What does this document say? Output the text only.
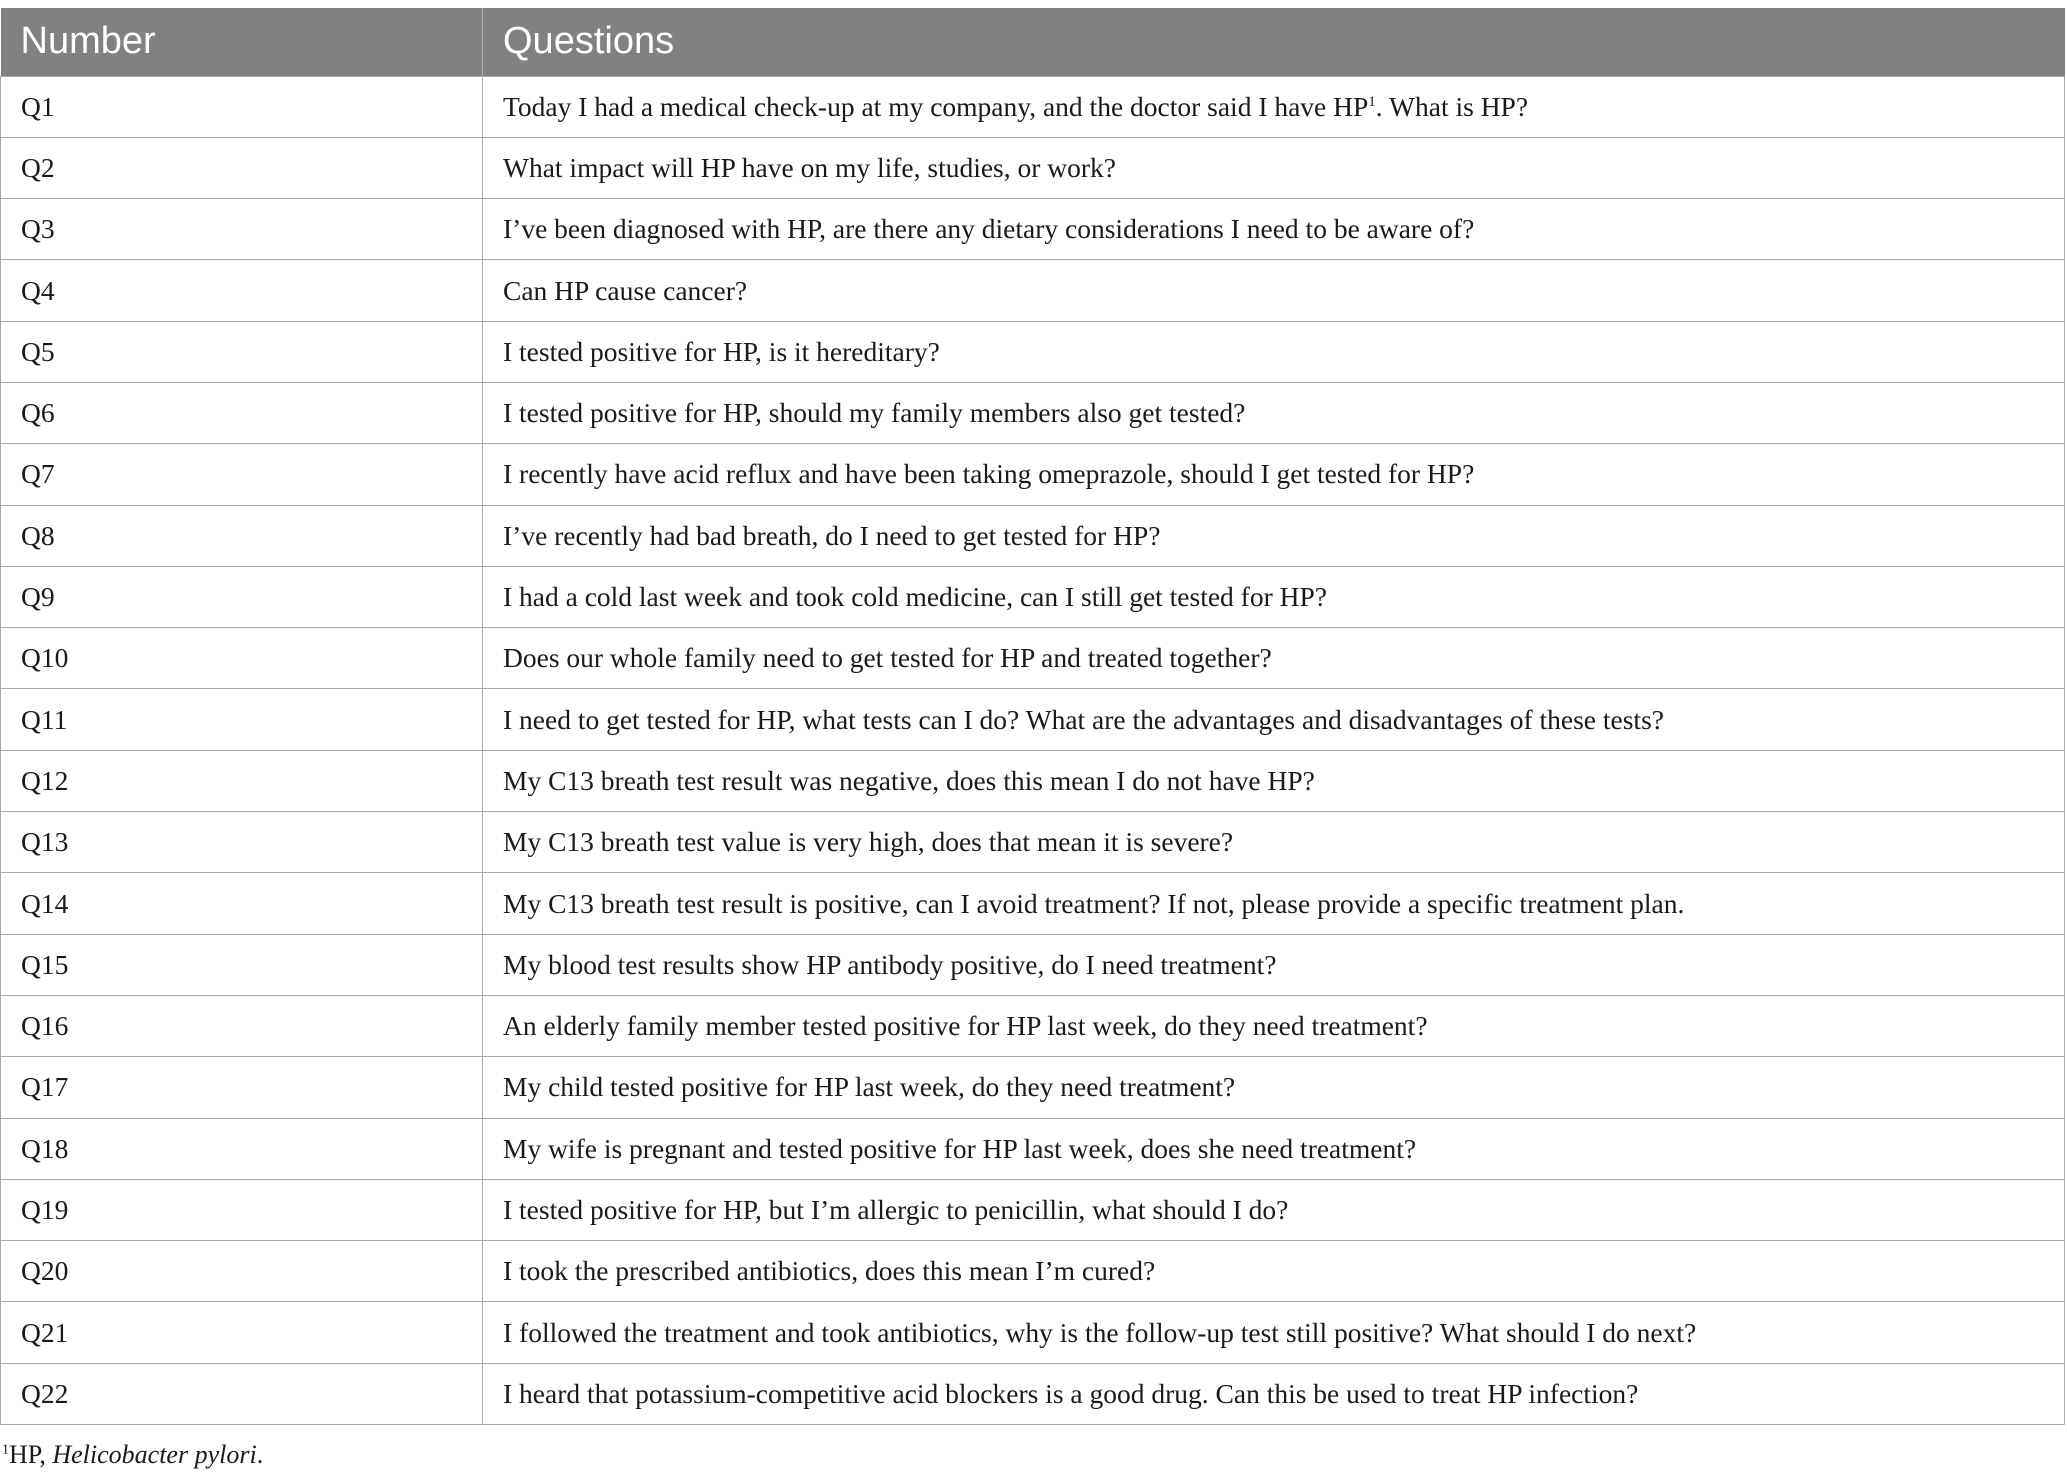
Number	Questions
Q1	Today I had a medical check-up at my company, and the doctor said I have $HP^1$. What is HP?
Q2	What impact will HP have on my life, studies, or work?
Q3	I’ve been diagnosed with HP, are there any dietary considerations I need to be aware of?
Q4	Can HP cause cancer?
Q5	I tested positive for HP, is it hereditary?
Q6	I tested positive for HP, should my family members also get tested?
Q7	I recently have acid reflux and have been taking omeprazole, should I get tested for HP?
Q8	I’ve recently had bad breath, do I need to get tested for HP?
Q9	I had a cold last week and took cold medicine, can I still get tested for HP?
Q10	Does our whole family need to get tested for HP and treated together?
Q11	I need to get tested for HP, what tests can I do? What are the advantages and disadvantages of these tests?
Q12	My C13 breath test result was negative, does this mean I do not have HP?
Q13	My C13 breath test value is very high, does that mean it is severe?
Q14	My C13 breath test result is positive, can I avoid treatment? If not, please provide a specific treatment plan.
Q15	My blood test results show HP antibody positive, do I need treatment?
Q16	An elderly family member tested positive for HP last week, do they need treatment?
Q17	My child tested positive for HP last week, do they need treatment?
Q18	My wife is pregnant and tested positive for HP last week, does she need treatment?
Q19	I tested positive for HP, but I’m allergic to penicillin, what should I do?
Q20	I took the prescribed antibiotics, does this mean I’m cured?
Q21	I followed the treatment and took antibiotics, why is the follow-up test still positive? What should I do next?
Q22	I heard that potassium-competitive acid blockers is a good drug. Can this be used to treat HP infection?
$^1$HP, Helicobacter pylori.
